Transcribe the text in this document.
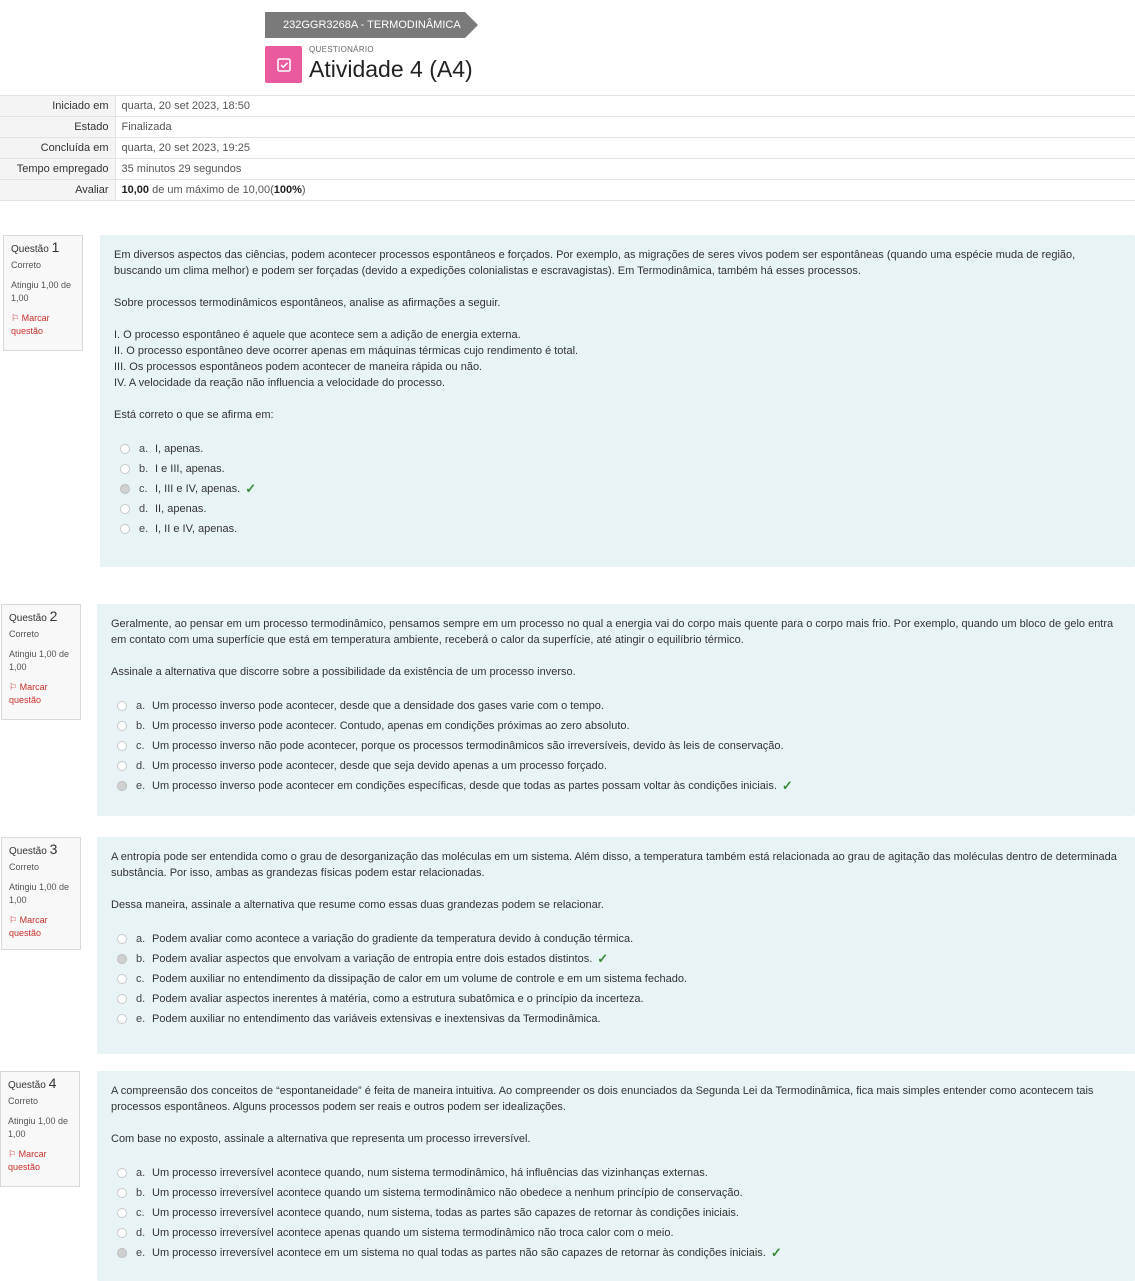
232GGR3268A - TERMODINÂMICA
QUESTIONÁRIO
Atividade 4 (A4)
Iniciado em	quarta, 20 set 2023, 18:50
Estado	Finalizada
Concluída em	quarta, 20 set 2023, 19:25
Tempo empregado	35 minutos 29 segundos
Avaliar	10,00 de um máximo de 10,00(100%)
Questão 1
Correto
Atingiu 1,00 de 1,00
⚐ Marcar questão

Em diversos aspectos das ciências, podem acontecer processos espontâneos e forçados. Por exemplo, as migrações de seres vivos podem ser espontâneas (quando uma espécie muda de região, buscando um clima melhor) e podem ser forçadas (devido a expedições colonialistas e escravagistas). Em Termodinâmica, também há esses processos.

Sobre processos termodinâmicos espontâneos, analise as afirmações a seguir.

I. O processo espontâneo é aquele que acontece sem a adição de energia externa.
II. O processo espontâneo deve ocorrer apenas em máquinas térmicas cujo rendimento é total.
III. Os processos espontâneos podem acontecer de maneira rápida ou não.
IV. A velocidade da reação não influencia a velocidade do processo.

Está correto o que se afirma em:

a. I, apenas.
b. I e III, apenas.
c. I, III e IV, apenas. ✓
d. II, apenas.
e. I, II e IV, apenas.
Questão 2
Correto
Atingiu 1,00 de 1,00
⚐ Marcar questão

Geralmente, ao pensar em um processo termodinâmico, pensamos sempre em um processo no qual a energia vai do corpo mais quente para o corpo mais frio. Por exemplo, quando um bloco de gelo entra em contato com uma superfície que está em temperatura ambiente, receberá o calor da superfície, até atingir o equilíbrio térmico.

Assinale a alternativa que discorre sobre a possibilidade da existência de um processo inverso.

a. Um processo inverso pode acontecer, desde que a densidade dos gases varie com o tempo.
b. Um processo inverso pode acontecer. Contudo, apenas em condições próximas ao zero absoluto.
c. Um processo inverso não pode acontecer, porque os processos termodinâmicos são irreversíveis, devido às leis de conservação.
d. Um processo inverso pode acontecer, desde que seja devido apenas a um processo forçado.
e. Um processo inverso pode acontecer em condições específicas, desde que todas as partes possam voltar às condições iniciais. ✓
Questão 3
Correto
Atingiu 1,00 de 1,00
⚐ Marcar questão

A entropia pode ser entendida como o grau de desorganização das moléculas em um sistema. Além disso, a temperatura também está relacionada ao grau de agitação das moléculas dentro de determinada substância. Por isso, ambas as grandezas físicas podem estar relacionadas.

Dessa maneira, assinale a alternativa que resume como essas duas grandezas podem se relacionar.

a. Podem avaliar como acontece a variação do gradiente da temperatura devido à condução térmica.
b. Podem avaliar aspectos que envolvam a variação de entropia entre dois estados distintos. ✓
c. Podem auxiliar no entendimento da dissipação de calor em um volume de controle e em um sistema fechado.
d. Podem avaliar aspectos inerentes à matéria, como a estrutura subatômica e o princípio da incerteza.
e. Podem auxiliar no entendimento das variáveis extensivas e inextensivas da Termodinâmica.
Questão 4
Correto
Atingiu 1,00 de 1,00
⚐ Marcar questão

A compreensão dos conceitos de “espontaneidade” é feita de maneira intuitiva. Ao compreender os dois enunciados da Segunda Lei da Termodinâmica, fica mais simples entender como acontecem tais processos espontâneos. Alguns processos podem ser reais e outros podem ser idealizações.

Com base no exposto, assinale a alternativa que representa um processo irreversível.

a. Um processo irreversível acontece quando, num sistema termodinâmico, há influências das vizinhanças externas.
b. Um processo irreversível acontece quando um sistema termodinâmico não obedece a nenhum princípio de conservação.
c. Um processo irreversível acontece quando, num sistema, todas as partes são capazes de retornar às condições iniciais.
d. Um processo irreversível acontece apenas quando um sistema termodinâmico não troca calor com o meio.
e. Um processo irreversível acontece em um sistema no qual todas as partes não são capazes de retornar às condições iniciais. ✓
